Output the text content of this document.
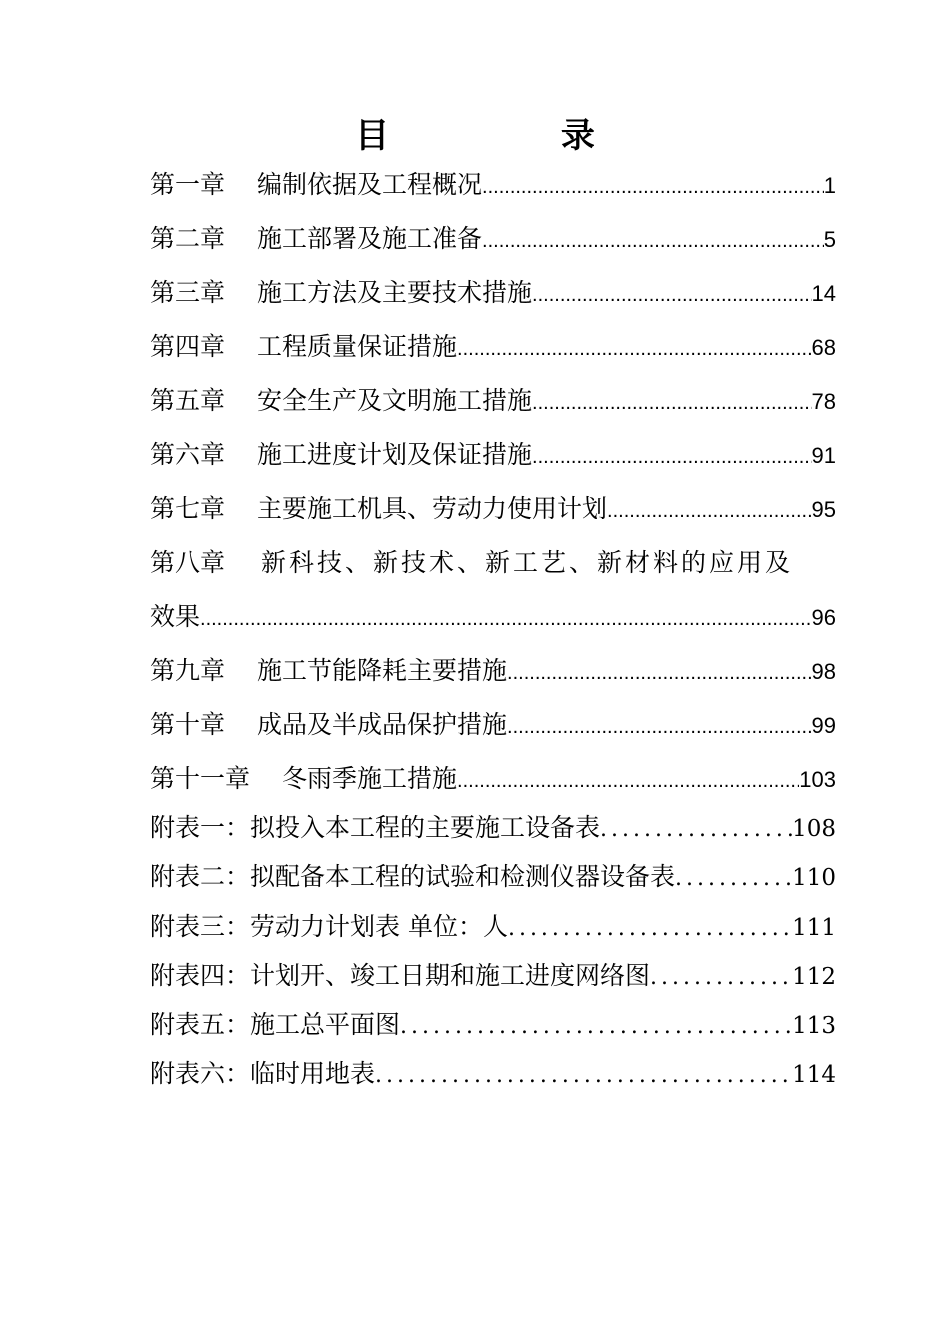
目 录
第一章 编制依据及工程概况 .....	1
第二章 施工部署及施工准备 .....	5
第三章 施工方法及主要技术措施 .....	14
第四章 工程质量保证措施 .....	68
第五章 安全生产及文明施工措施 .....	78
第六章 施工进度计划及保证措施 .....	91
第七章 主要施工机具、劳动力使用计划 .....	95
第八章 新科技、新技术、新工艺、新材料的应用及
效果 .....	96
第九章 施工节能降耗主要措施 .....	98
第十章 成品及半成品保护措施 .....	99
第十一章 冬雨季施工措施 .....	103
附表一：拟投入本工程的主要施工设备表 .....	108
附表二：拟配备本工程的试验和检测仪器设备表 .....	110
附表三：劳动力计划表 单位：人 .....	111
附表四：计划开、竣工日期和施工进度网络图 .....	112
附表五：施工总平面图 .....	113
附表六：临时用地表 .....	114
